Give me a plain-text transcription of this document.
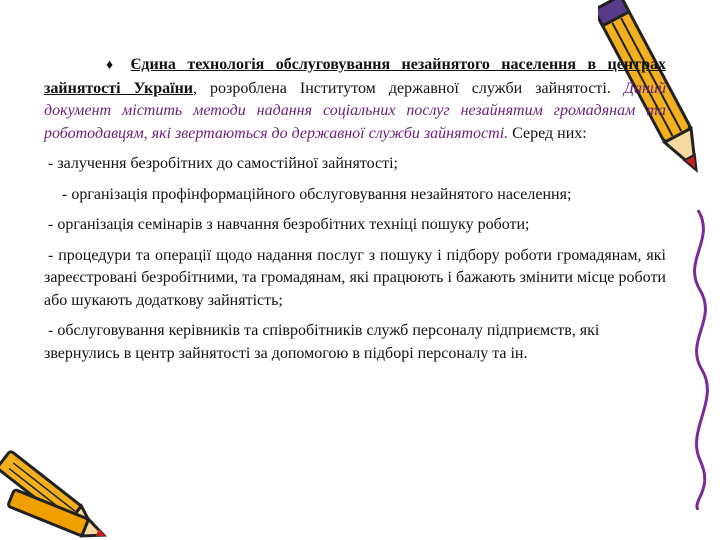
♦ Єдина технологія обслуговування незайнятого населення в центрах зайнятості України, розроблена Інститутом державної служби зайнятості. Даний документ містить методи надання соціальних послуг незайнятим громадянам та роботодавцям, які звертаються до державної служби зайнятості. Серед них:

- залучення безробітних до самостійної зайнятості;

- організація профінформаційного обслуговування незайнятого населення;

- організація семінарів з навчання безробітних техніці пошуку роботи;

- процедури та операції щодо надання послуг з пошуку і підбору роботи громадянам, які зареєстровані безробітними, та громадянам, які працюють і бажають змінити місце роботи або шукають додаткову зайнятість;

- обслуговування керівників та співробітників служб персоналу підприємств, які звернулись в центр зайнятості за допомогою в підборі персоналу та ін.
